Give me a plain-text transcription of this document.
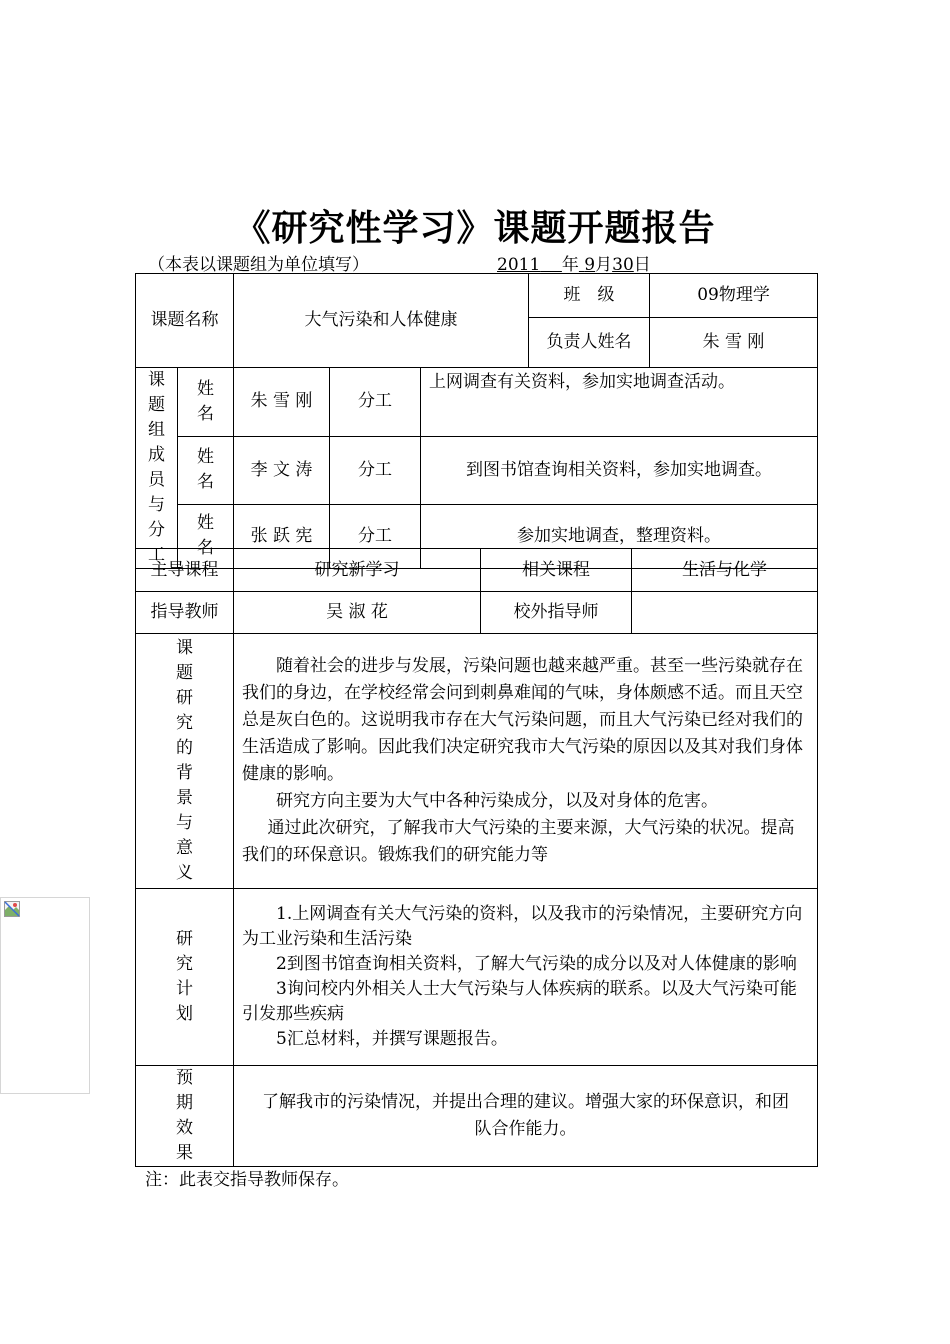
《研究性学习》课题开题报告
（本表以课题组为单位填写）	2011 年 9月30日
课题名称		大气污染和人体健康			班　级	09物理学
					负责人姓名	朱 雪 刚

课题组成员与分工	姓名	朱 雪 刚	分工	上网调查有关资料，参加实地调查活动。		

	姓名	李 文 涛	分工	到图书馆查询相关资料，参加实地调查。		

	姓名	张 跃 宪	分工	参加实地调查，整理资料。		
主导课程	研究新学习	相关课程	生活与化学
指导教师	吴 淑 花	校外指导师	

课题研究的背景与意义	随着社会的进步与发展，污染问题也越来越严重。甚至一些污染就存在我们的身边，在学校经常会问到刺鼻难闻的气味，身体颇感不适。而且天空总是灰白色的。这说明我市存在大气污染问题，而且大气污染已经对我们的生活造成了影响。因此我们决定研究我市大气污染的原因以及其对我们身体健康的影响。

研究方向主要为大气中各种污染成分，以及对身体的危害。

通过此次研究，了解我市大气污染的主要来源，大气污染的状况。提高我们的环保意识。锻炼我们的研究能力等		

研究计划	1.上网调查有关大气污染的资料，以及我市的污染情况，主要研究方向为工业污染和生活污染

2到图书馆查询相关资料，了解大气污染的成分以及对人体健康的影响

3询问校内外相关人士大气污染与人体疾病的联系。以及大气污染可能引发那些疾病

5汇总材料，并撰写课题报告。		

预期效果	了解我市的污染情况，并提出合理的建议。增强大家的环保意识，和团队合作能力。		
注：此表交指导教师保存。
